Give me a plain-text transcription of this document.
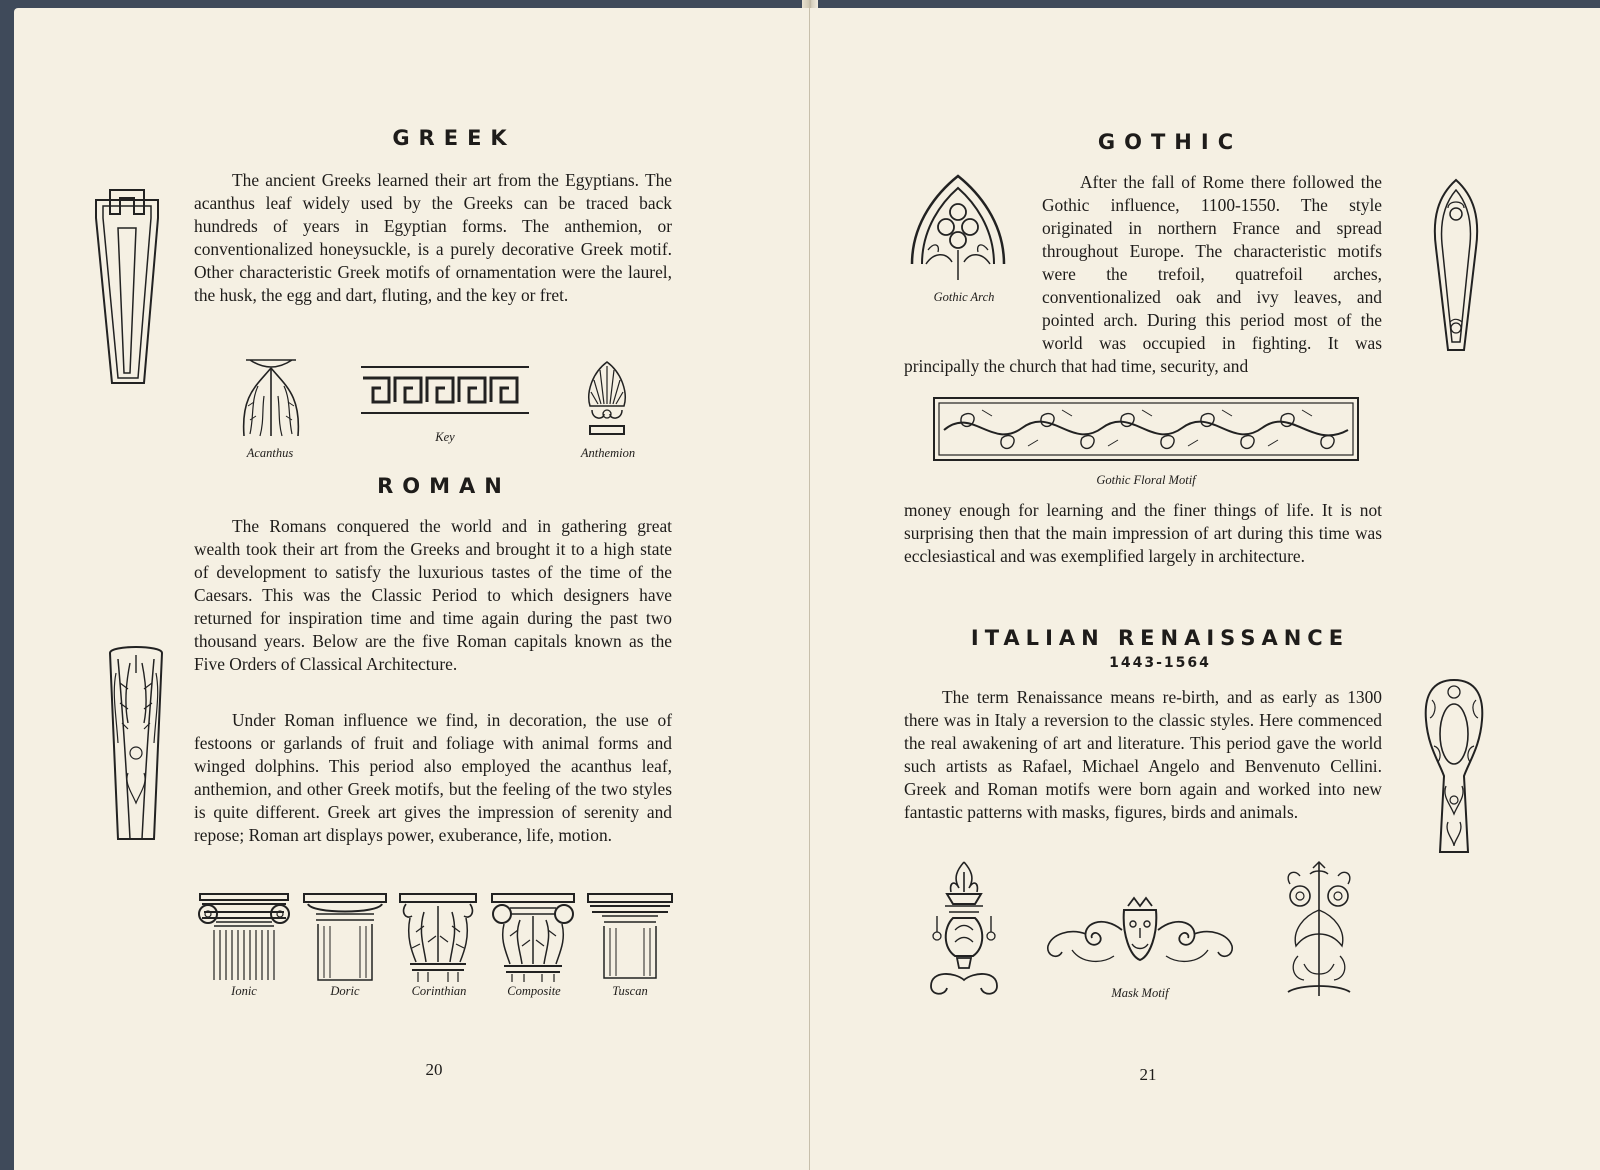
GREEK

The ancient Greeks learned their art from the Egyptians. The acanthus leaf widely used by the Greeks can be traced back hundreds of years in Egyptian forms. The anthemion, or conventionalized honeysuckle, is a purely decorative Greek motif. Other characteristic Greek motifs of ornamentation were the laurel, the husk, the egg and dart, fluting, and the key or fret.

Acanthus

Key

Anthemion

ROMAN

The Romans conquered the world and in gathering great wealth took their art from the Greeks and brought it to a high state of development to satisfy the luxurious tastes of the time of the Caesars. This was the Classic Period to which designers have returned for inspiration time and time again during the past two thousand years. Below are the five Roman capitals known as the Five Orders of Classical Architecture.

Under Roman influence we find, in decoration, the use of festoons or garlands of fruit and foliage with animal forms and winged dolphins. This period also employed the acanthus leaf, anthemion, and other Greek motifs, but the feeling of the two styles is quite different. Greek art gives the impression of serenity and repose; Roman art displays power, exuberance, life, motion.

Ionic	Doric	Corinthian	Composite	Tuscan

20

GOTHIC

Gothic Arch

After the fall of Rome there followed the Gothic influence, 1100-1550. The style originated in northern France and spread throughout Europe. The characteristic motifs were the trefoil, quatrefoil arches, conventionalized oak and ivy leaves, and pointed arch. During this period most of the world was occupied in fighting. It was principally the church that had time, security, and

Gothic Floral Motif

money enough for learning and the finer things of life. It is not surprising then that the main impression of art during this time was ecclesiastical and was exemplified largely in architecture.

ITALIAN RENAISSANCE

1443-1564

The term Renaissance means re-birth, and as early as 1300 there was in Italy a reversion to the classic styles. Here commenced the real awakening of art and literature. This period gave the world such artists as Rafael, Michael Angelo and Benvenuto Cellini. Greek and Roman motifs were born again and worked into new fantastic patterns with masks, figures, birds and animals.

Mask Motif

21
